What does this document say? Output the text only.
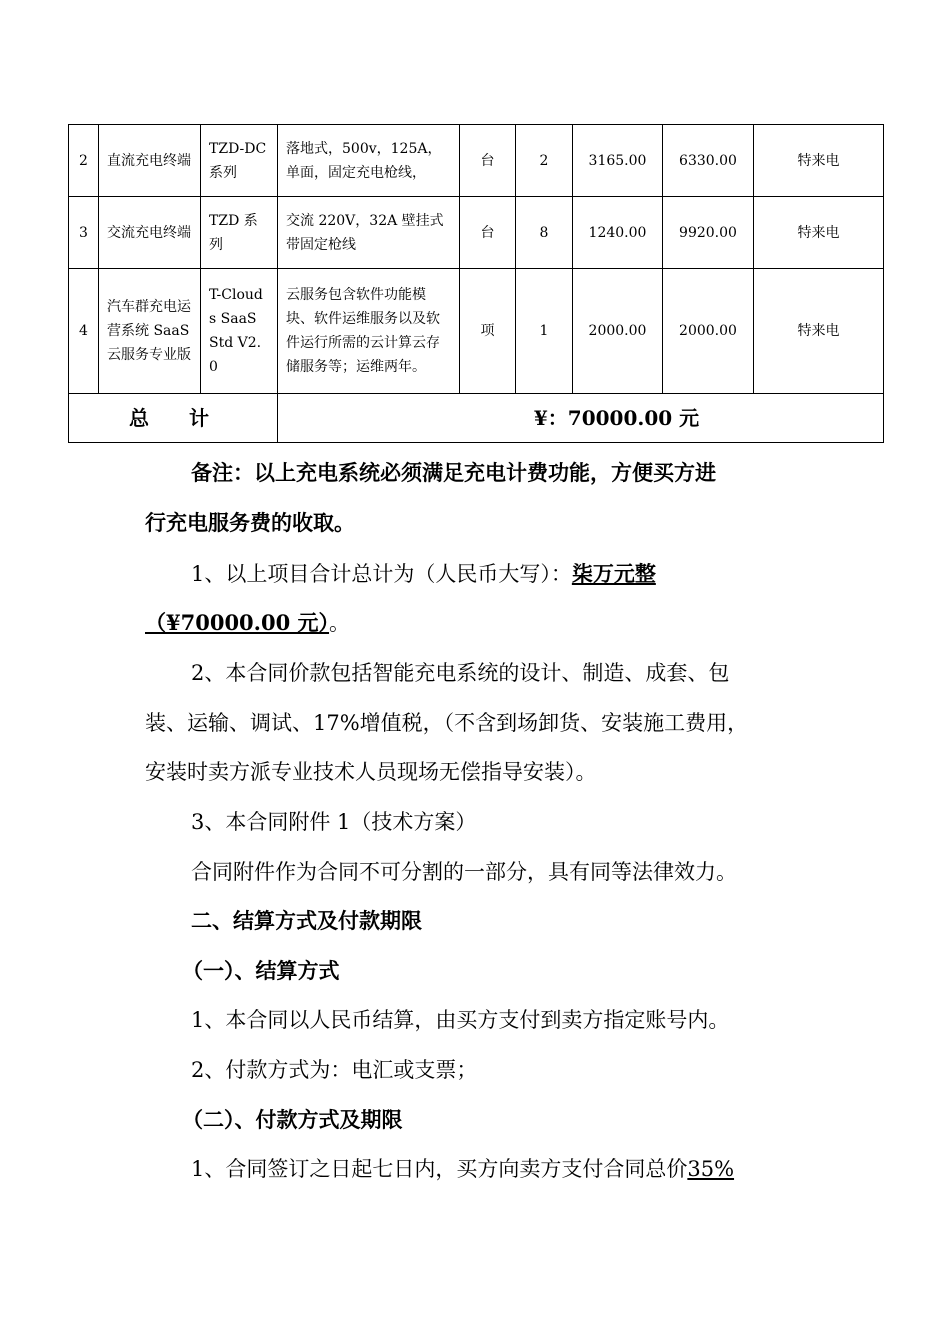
2	直流充电终端	TZD-DC 系列	落地式，500v，125A，单面，固定充电枪线，	台	2	3165.00	6330.00	特来电
3	交流充电终端	TZD 系列	交流 220V，32A 壁挂式带固定枪线	台	8	1240.00	9920.00	特来电
4	汽车群充电运营系统 SaaS 云服务专业版	T-Clouds SaaS Std V2.0	云服务包含软件功能模块、软件运维服务以及软件运行所需的云计算云存储服务等；运维两年。	项	1	2000.00	2000.00	特来电
总计			¥：70000.00 元					

备注：以上充电系统必须满足充电计费功能，方便买方进

行充电服务费的收取。

1、以上项目合计总计为（人民币大写）：柒万元整

（¥70000.00 元）。

2、本合同价款包括智能充电系统的设计、制造、成套、包

装、运输、调试、17%增值税，（不含到场卸货、安装施工费用，

安装时卖方派专业技术人员现场无偿指导安装）。

3、本合同附件 1（技术方案）

合同附件作为合同不可分割的一部分，具有同等法律效力。

二、结算方式及付款期限

（一）、结算方式

1、本合同以人民币结算，由买方支付到卖方指定账号内。

2、付款方式为：电汇或支票；

（二）、付款方式及期限

1、合同签订之日起七日内，买方向卖方支付合同总价35%
